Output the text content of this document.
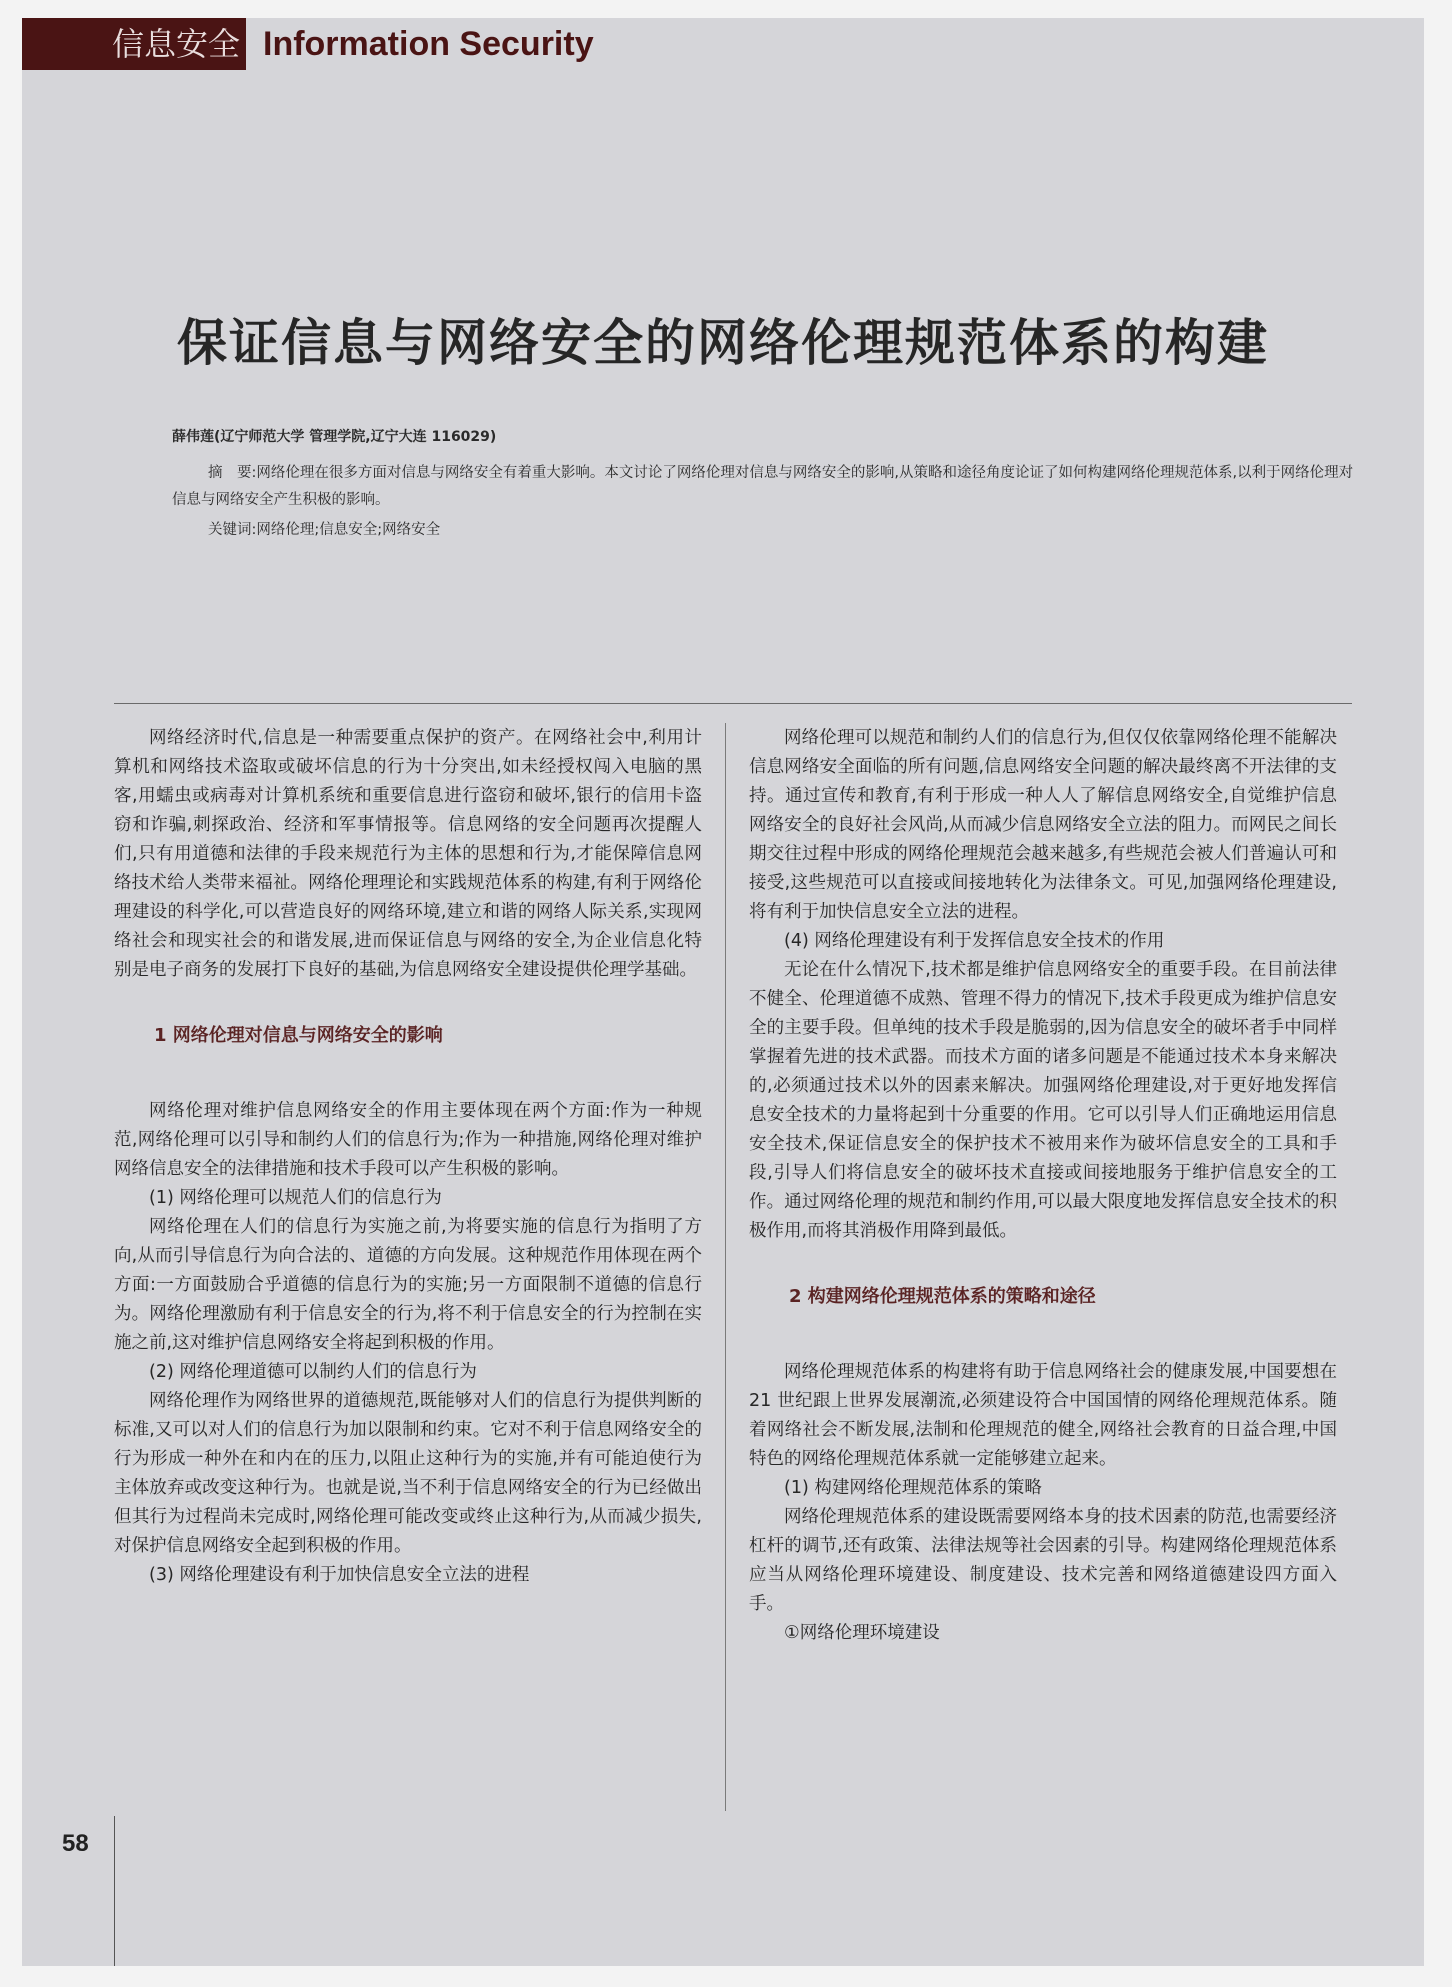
信息安全 Information Security
保证信息与网络安全的网络伦理规范体系的构建
薛伟莲(辽宁师范大学 管理学院,辽宁大连 116029)
摘　要:网络伦理在很多方面对信息与网络安全有着重大影响。本文讨论了网络伦理对信息与网络安全的影响,从策略和途径角度论证了如何构建网络伦理规范体系,以利于网络伦理对信息与网络安全产生积极的影响。
关键词:网络伦理;信息安全;网络安全

网络经济时代,信息是一种需要重点保护的资产。在网络社会中,利用计算机和网络技术盗取或破坏信息的行为十分突出,如未经授权闯入电脑的黑客,用蠕虫或病毒对计算机系统和重要信息进行盗窃和破坏,银行的信用卡盗窃和诈骗,刺探政治、经济和军事情报等。信息网络的安全问题再次提醒人们,只有用道德和法律的手段来规范行为主体的思想和行为,才能保障信息网络技术给人类带来福祉。网络伦理理论和实践规范体系的构建,有利于网络伦理建设的科学化,可以营造良好的网络环境,建立和谐的网络人际关系,实现网络社会和现实社会的和谐发展,进而保证信息与网络的安全,为企业信息化特别是电子商务的发展打下良好的基础,为信息网络安全建设提供伦理学基础。

1 网络伦理对信息与网络安全的影响

网络伦理对维护信息网络安全的作用主要体现在两个方面:作为一种规范,网络伦理可以引导和制约人们的信息行为;作为一种措施,网络伦理对维护网络信息安全的法律措施和技术手段可以产生积极的影响。

(1) 网络伦理可以规范人们的信息行为

网络伦理在人们的信息行为实施之前,为将要实施的信息行为指明了方向,从而引导信息行为向合法的、道德的方向发展。这种规范作用体现在两个方面:一方面鼓励合乎道德的信息行为的实施;另一方面限制不道德的信息行为。网络伦理激励有利于信息安全的行为,将不利于信息安全的行为控制在实施之前,这对维护信息网络安全将起到积极的作用。

(2) 网络伦理道德可以制约人们的信息行为

网络伦理作为网络世界的道德规范,既能够对人们的信息行为提供判断的标准,又可以对人们的信息行为加以限制和约束。它对不利于信息网络安全的行为形成一种外在和内在的压力,以阻止这种行为的实施,并有可能迫使行为主体放弃或改变这种行为。也就是说,当不利于信息网络安全的行为已经做出但其行为过程尚未完成时,网络伦理可能改变或终止这种行为,从而减少损失,对保护信息网络安全起到积极的作用。

(3) 网络伦理建设有利于加快信息安全立法的进程

网络伦理可以规范和制约人们的信息行为,但仅仅依靠网络伦理不能解决信息网络安全面临的所有问题,信息网络安全问题的解决最终离不开法律的支持。通过宣传和教育,有利于形成一种人人了解信息网络安全,自觉维护信息网络安全的良好社会风尚,从而减少信息网络安全立法的阻力。而网民之间长期交往过程中形成的网络伦理规范会越来越多,有些规范会被人们普遍认可和接受,这些规范可以直接或间接地转化为法律条文。可见,加强网络伦理建设,将有利于加快信息安全立法的进程。

(4) 网络伦理建设有利于发挥信息安全技术的作用

无论在什么情况下,技术都是维护信息网络安全的重要手段。在目前法律不健全、伦理道德不成熟、管理不得力的情况下,技术手段更成为维护信息安全的主要手段。但单纯的技术手段是脆弱的,因为信息安全的破坏者手中同样掌握着先进的技术武器。而技术方面的诸多问题是不能通过技术本身来解决的,必须通过技术以外的因素来解决。加强网络伦理建设,对于更好地发挥信息安全技术的力量将起到十分重要的作用。它可以引导人们正确地运用信息安全技术,保证信息安全的保护技术不被用来作为破坏信息安全的工具和手段,引导人们将信息安全的破坏技术直接或间接地服务于维护信息安全的工作。通过网络伦理的规范和制约作用,可以最大限度地发挥信息安全技术的积极作用,而将其消极作用降到最低。

2 构建网络伦理规范体系的策略和途径

网络伦理规范体系的构建将有助于信息网络社会的健康发展,中国要想在 21 世纪跟上世界发展潮流,必须建设符合中国国情的网络伦理规范体系。随着网络社会不断发展,法制和伦理规范的健全,网络社会教育的日益合理,中国特色的网络伦理规范体系就一定能够建立起来。

(1) 构建网络伦理规范体系的策略

网络伦理规范体系的建设既需要网络本身的技术因素的防范,也需要经济杠杆的调节,还有政策、法律法规等社会因素的引导。构建网络伦理规范体系应当从网络伦理环境建设、制度建设、技术完善和网络道德建设四方面入手。

①网络伦理环境建设

58
